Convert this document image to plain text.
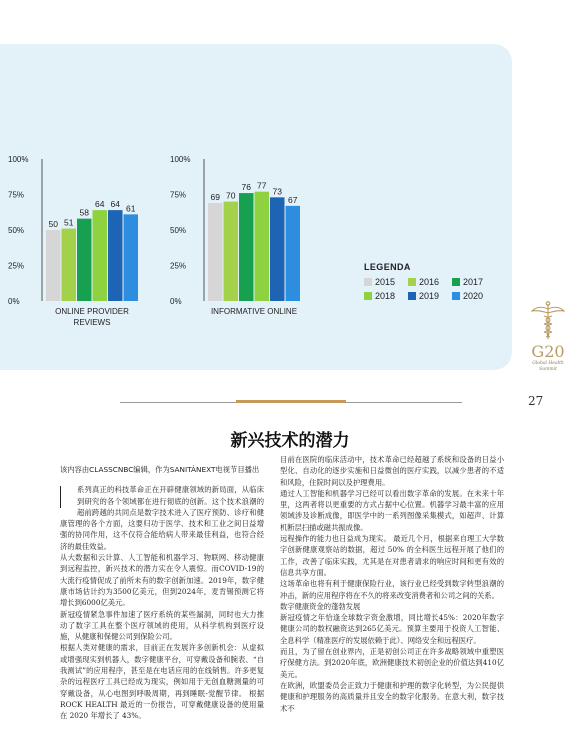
0%
25%
50%
75%
100%
50 51
58
64 64 61
ONLINE PROVIDER
REVIEWS
0%
25%
50%
75%
100%
69 70
76 77
73
67
INFORMATIVE ONLINE
LEGENDA
2015	2016	2017
2018	2019	2020
G20
Global Health
Summit
27
新兴技术的潜力

该内容由CLASSCNBC编辑，作为SANITÀNEXT电视节目播出

系列真正的科技革命正在开辟健康领域的新局面，从临床到研究的各个领域都在进行彻底的创新。这个技术浪潮的超前跨越的共同点是数字技术进入了医疗预防、诊疗和健康管理的各个方面，这要归功于医学、技术和工业之间日益增强的协同作用，这不仅符合能给病人带来最佳利益，也符合经济的最佳效益。

从大数据和云计算、人工智能和机器学习、物联网、移动健康到远程监控，新兴技术的潜力实在令人震惊。而COVID-19的大流行疫情促成了前所未有的数字创新加速。2019年，数字健康市场估计约为3500亿美元，但到2024年，麦肯锡预测它将增长到6000亿美元。

新冠疫情紧急事件加速了医疗系统的某些漏洞，同时也大力推动了数字工具在整个医疗领域的使用，从科学机构到医疗设施，从健康和保健公司到保险公司。

根据人类对健康的需求，目前正在发展许多创新机会：从虚拟或增强现实到机器人，数字健康平台，可穿戴设备和腕表、“自我测试”的应用程序，甚至是在电话应用的在线销售。许多更复杂的远程医疗工具已经成为现实，例如用于无创血糖测量的可穿戴设备，从心电图到呼吸周期，再到睡眠-觉醒节律。 根据 ROCK HEALTH 最近的一份报告，可穿戴健康设备的使用量在 2020 年增长了 43%。

目前在医院的临床活动中，技术革命已经超越了系统和设备的日益小型化、自动化的逐步实施和日益微创的医疗实践，以减少患者的不适和风险，住院时间以及护理费用。

通过人工智能和机器学习已经可以看出数字革命的发展。在未来十年里，这两者将以更重要的方式占据中心位置。机器学习最丰富的应用领域涉及诊断成像，即医学中的一系列图像采集模式，如超声、计算机断层扫描或磁共振成像。

远程操作的能力也日益成为现实。 最近几个月，根据来自理工大学数字创新健康观察站的数据，超过 50% 的全科医生远程开展了他们的工作，改善了临床实践，尤其是在对患者请求的响应时间和更有效的信息共享方面。

这场革命也将有利于健康保险行业，该行业已经受到数字转型浪潮的冲击，新的应用程序将在不久的将来改变消费者和公司之间的关系。

数字健康资金的蓬勃发展

新冠疫情之年恰逢全球数字资金激增，同比增长45%：2020年数字健康公司的数权融资达到265亿美元。预算主要用于投资人工智能、全息科学（精准医疗的发展依赖于此）、网络安全和远程医疗。

而且，为了留在创业界内，正是初创公司正在许多战略领域中重塑医疗保健方法。到2020年底，欧洲健康技术初创企业的价值达到410亿美元。

在欧洲，欧盟委员会正致力于健康和护理的数字化转型，为公民提供健康和护理服务的高质量并且安全的数字化服务。在意大利，数字技术不
